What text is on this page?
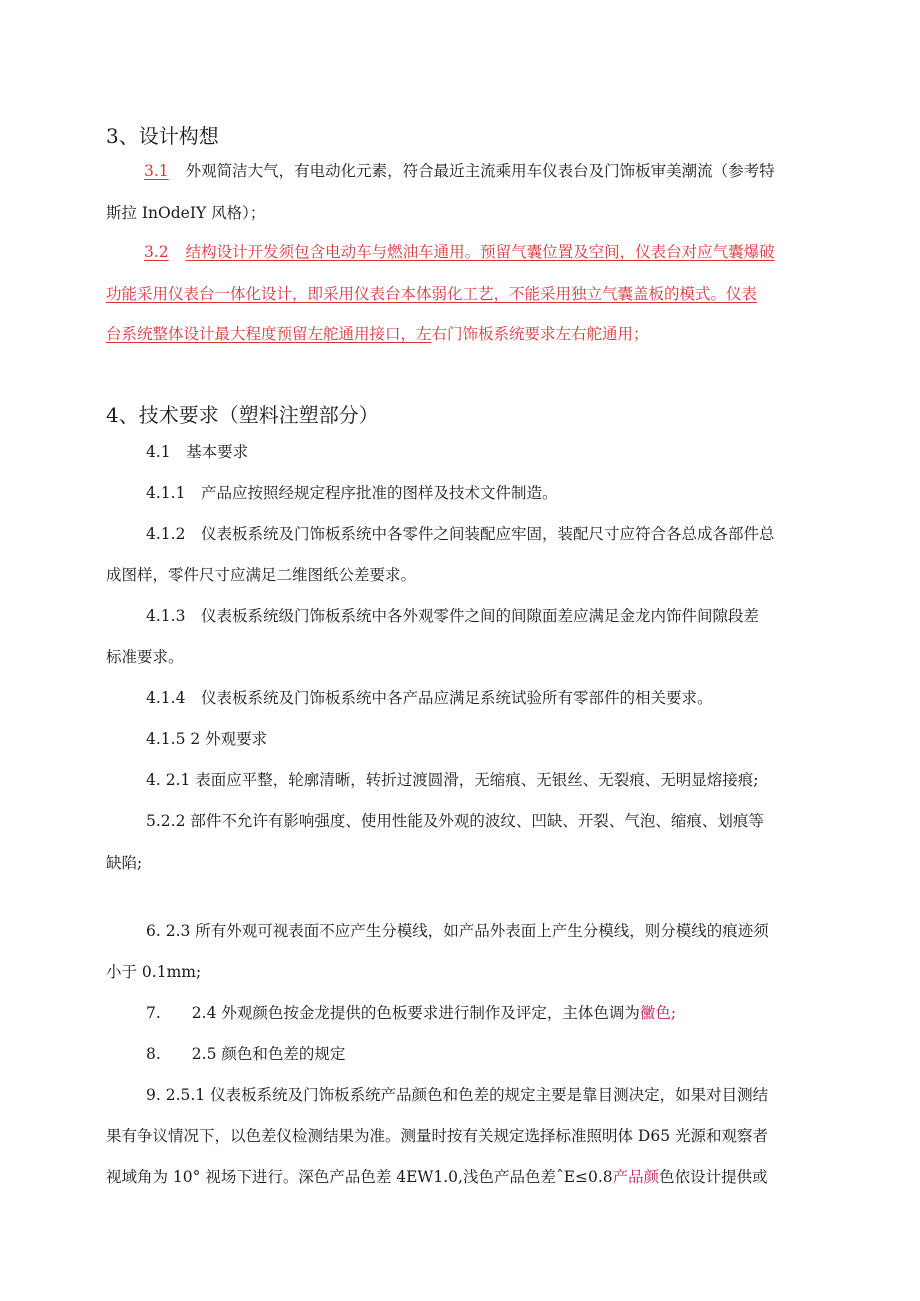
3、设计构想
3.1 外观简洁大气，有电动化元素，符合最近主流乘用车仪表台及门饰板审美潮流（参考特
斯拉 InOdeIY 风格）；
3.2 结构设计开发须包含电动车与燃油车通用。预留气囊位置及空间，仪表台对应气囊爆破
功能采用仪表台一体化设计，即采用仪表台本体弱化工艺，不能采用独立气囊盖板的模式。仪表
台系统整体设计最大程度预留左舵通用接口，左右门饰板系统要求左右舵通用；
4、技术要求（塑料注塑部分）
4.1　基本要求
4.1.1　产品应按照经规定程序批准的图样及技术文件制造。
4.1.2　仪表板系统及门饰板系统中各零件之间装配应牢固，装配尺寸应符合各总成各部件总
成图样，零件尺寸应满足二维图纸公差要求。
4.1.3　仪表板系统级门饰板系统中各外观零件之间的间隙面差应满足金龙内饰件间隙段差
标准要求。
4.1.4　仪表板系统及门饰板系统中各产品应满足系统试验所有零部件的相关要求。
4.1.5 2 外观要求
4. 2.1 表面应平整，轮廓清晰，转折过渡圆滑，无缩痕、无银丝、无裂痕、无明显熔接痕;
5.2.2 部件不允许有影响强度、使用性能及外观的波纹、凹缺、开裂、气泡、缩痕、划痕等
缺陷;
6. 2.3 所有外观可视表面不应产生分模线，如产品外表面上产生分模线，则分模线的痕迹须
小于 0.1mm;
7.　　2.4 外观颜色按金龙提供的色板要求进行制作及评定，主体色调为黴色;
8.　　2.5 颜色和色差的规定
9. 2.5.1 仪表板系统及门饰板系统产品颜色和色差的规定主要是靠目测决定，如果对目测结
果有争议情况下，以色差仪检测结果为准。测量时按有关规定选择标准照明体 D65 光源和观察者
视域角为 10° 视场下进行。深色产品色差 4EW1.0,浅色产品色差ˆE≤0.8产品颜色依设计提供或
